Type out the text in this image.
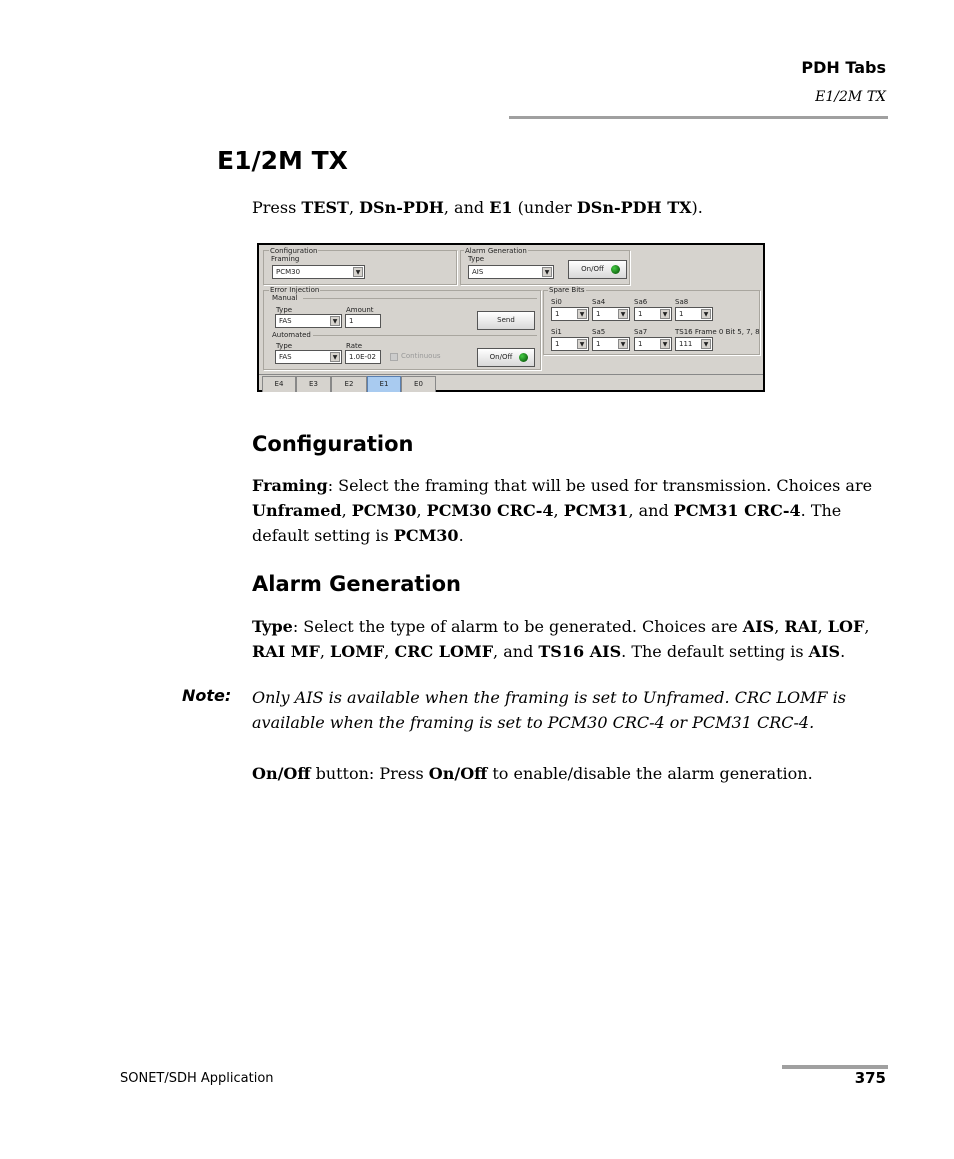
PDH Tabs
E1/2M TX
E1/2M TX
Press TEST, DSn-PDH, and E1 (under DSn-PDH TX).
Configuration
Framing
PCM30	▼
Alarm Generation
Type
AIS	▼	On/Off
Error Injection
Manual
Type
FAS	▼
Amount
1	Send
Automated
Type
FAS	▼
Rate
1.0E-02	Continuous	On/Off
Spare Bits
Si0
1	▼
Sa4
1	▼
Sa6
1	▼
Sa8
1	▼
Si1
1	▼
Sa5
1	▼
Sa7
1	▼
TS16 Frame 0 Bit 5, 7, 8
111	▼
E4	E3	E2	E1	E0
Configuration
Framing: Select the framing that will be used for transmission. Choices are Unframed, PCM30, PCM30 CRC-4, PCM31, and PCM31 CRC-4. The default setting is PCM30.
Alarm Generation
Type: Select the type of alarm to be generated. Choices are AIS, RAI, LOF, RAI MF, LOMF, CRC LOMF, and TS16 AIS. The default setting is AIS.
Note: Only AIS is available when the framing is set to Unframed. CRC LOMF is available when the framing is set to PCM30 CRC-4 or PCM31 CRC-4.
On/Off button: Press On/Off to enable/disable the alarm generation.
SONET/SDH Application	375
